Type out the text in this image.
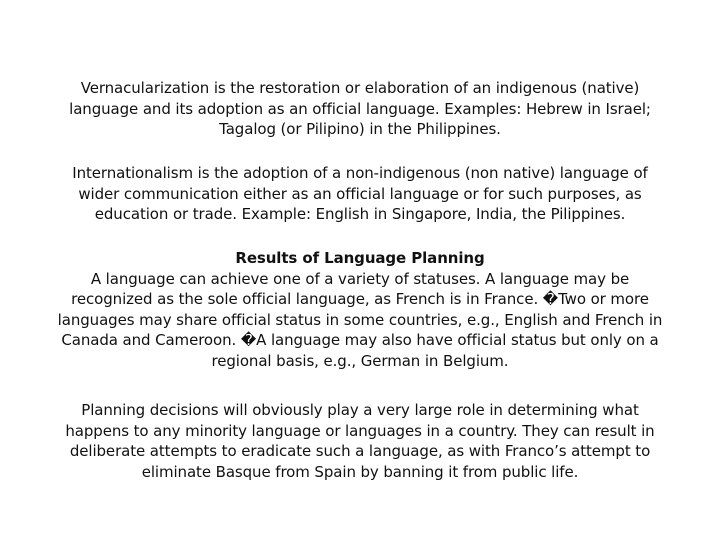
Vernacularization is the restoration or elaboration of an indigenous (native)
language and its adoption as an official language. Examples: Hebrew in Israel;
Tagalog (or Pilipino) in the Philippines.

Internationalism is the adoption of a non-indigenous (non native) language of
wider communication either as an official language or for such purposes, as
education or trade. Example: English in Singapore, India, the Pilippines.

Results of Language Planning
A language can achieve one of a variety of statuses. A language may be
recognized as the sole official language, as French is in France. �Two or more
languages may share official status in some countries, e.g., English and French in
Canada and Cameroon. �A language may also have official status but only on a
regional basis, e.g., German in Belgium.

Planning decisions will obviously play a very large role in determining what
happens to any minority language or languages in a country. They can result in
deliberate attempts to eradicate such a language, as with Franco’s attempt to
eliminate Basque from Spain by banning it from public life.
